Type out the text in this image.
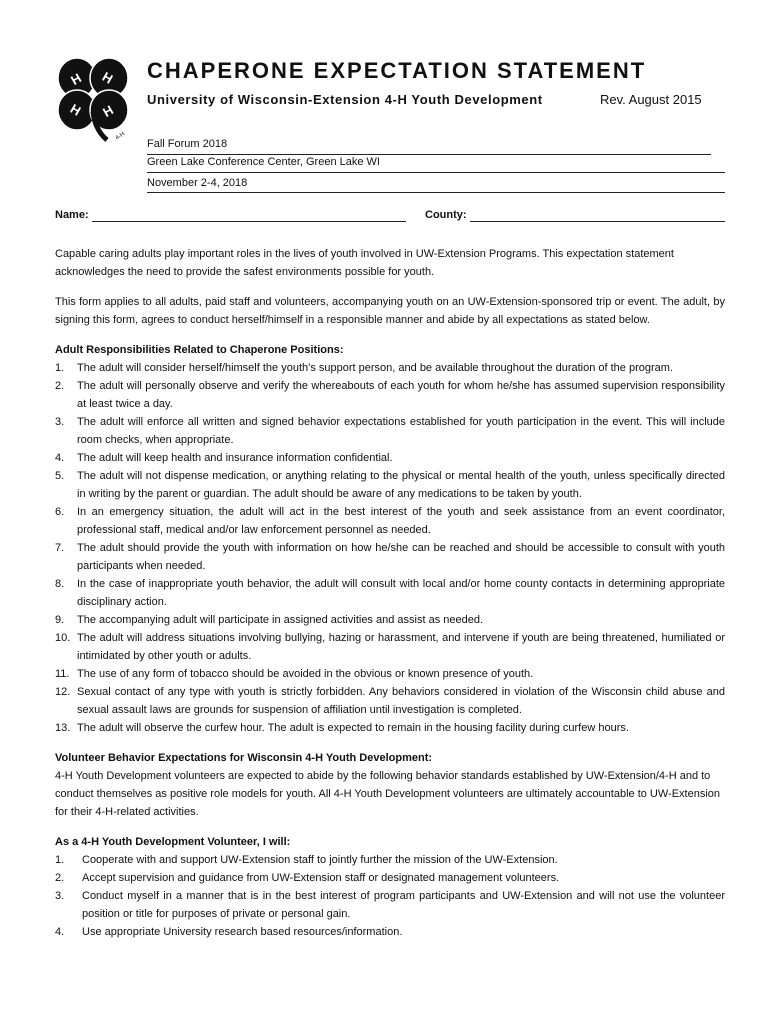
H H
H H
4-H
CHAPERONE EXPECTATION STATEMENT
University of Wisconsin-Extension 4-H Youth Development	Rev. August 2015
Fall Forum 2018
Green Lake Conference Center, Green Lake WI
November 2-4, 2018
Name:	County:

Capable caring adults play important roles in the lives of youth involved in UW-Extension Programs. This expectation statement acknowledges the need to provide the safest environments possible for youth.

This form applies to all adults, paid staff and volunteers, accompanying youth on an UW-Extension-sponsored trip or event. The adult, by signing this form, agrees to conduct herself/himself in a responsible manner and abide by all expectations as stated below.

Adult Responsibilities Related to Chaperone Positions:
1. The adult will consider herself/himself the youth’s support person, and be available throughout the duration of the program.
2. The adult will personally observe and verify the whereabouts of each youth for whom he/she has assumed supervision responsibility at least twice a day.
3. The adult will enforce all written and signed behavior expectations established for youth participation in the event. This will include room checks, when appropriate.
4. The adult will keep health and insurance information confidential.
5. The adult will not dispense medication, or anything relating to the physical or mental health of the youth, unless specifically directed in writing by the parent or guardian. The adult should be aware of any medications to be taken by youth.
6. In an emergency situation, the adult will act in the best interest of the youth and seek assistance from an event coordinator, professional staff, medical and/or law enforcement personnel as needed.
7. The adult should provide the youth with information on how he/she can be reached and should be accessible to consult with youth participants when needed.
8. In the case of inappropriate youth behavior, the adult will consult with local and/or home county contacts in determining appropriate disciplinary action.
9. The accompanying adult will participate in assigned activities and assist as needed.
10. The adult will address situations involving bullying, hazing or harassment, and intervene if youth are being threatened, humiliated or intimidated by other youth or adults.
11. The use of any form of tobacco should be avoided in the obvious or known presence of youth.
12. Sexual contact of any type with youth is strictly forbidden. Any behaviors considered in violation of the Wisconsin child abuse and sexual assault laws are grounds for suspension of affiliation until investigation is completed.
13. The adult will observe the curfew hour. The adult is expected to remain in the housing facility during curfew hours.
Volunteer Behavior Expectations for Wisconsin 4-H Youth Development:

4-H Youth Development volunteers are expected to abide by the following behavior standards established by UW-Extension/4-H and to conduct themselves as positive role models for youth. All 4-H Youth Development volunteers are ultimately accountable to UW-Extension for their 4-H-related activities.

As a 4-H Youth Development Volunteer, I will:
1. Cooperate with and support UW-Extension staff to jointly further the mission of the UW-Extension.
2. Accept supervision and guidance from UW-Extension staff or designated management volunteers.
3. Conduct myself in a manner that is in the best interest of program participants and UW-Extension and will not use the volunteer position or title for purposes of private or personal gain.
4. Use appropriate University research based resources/information.
